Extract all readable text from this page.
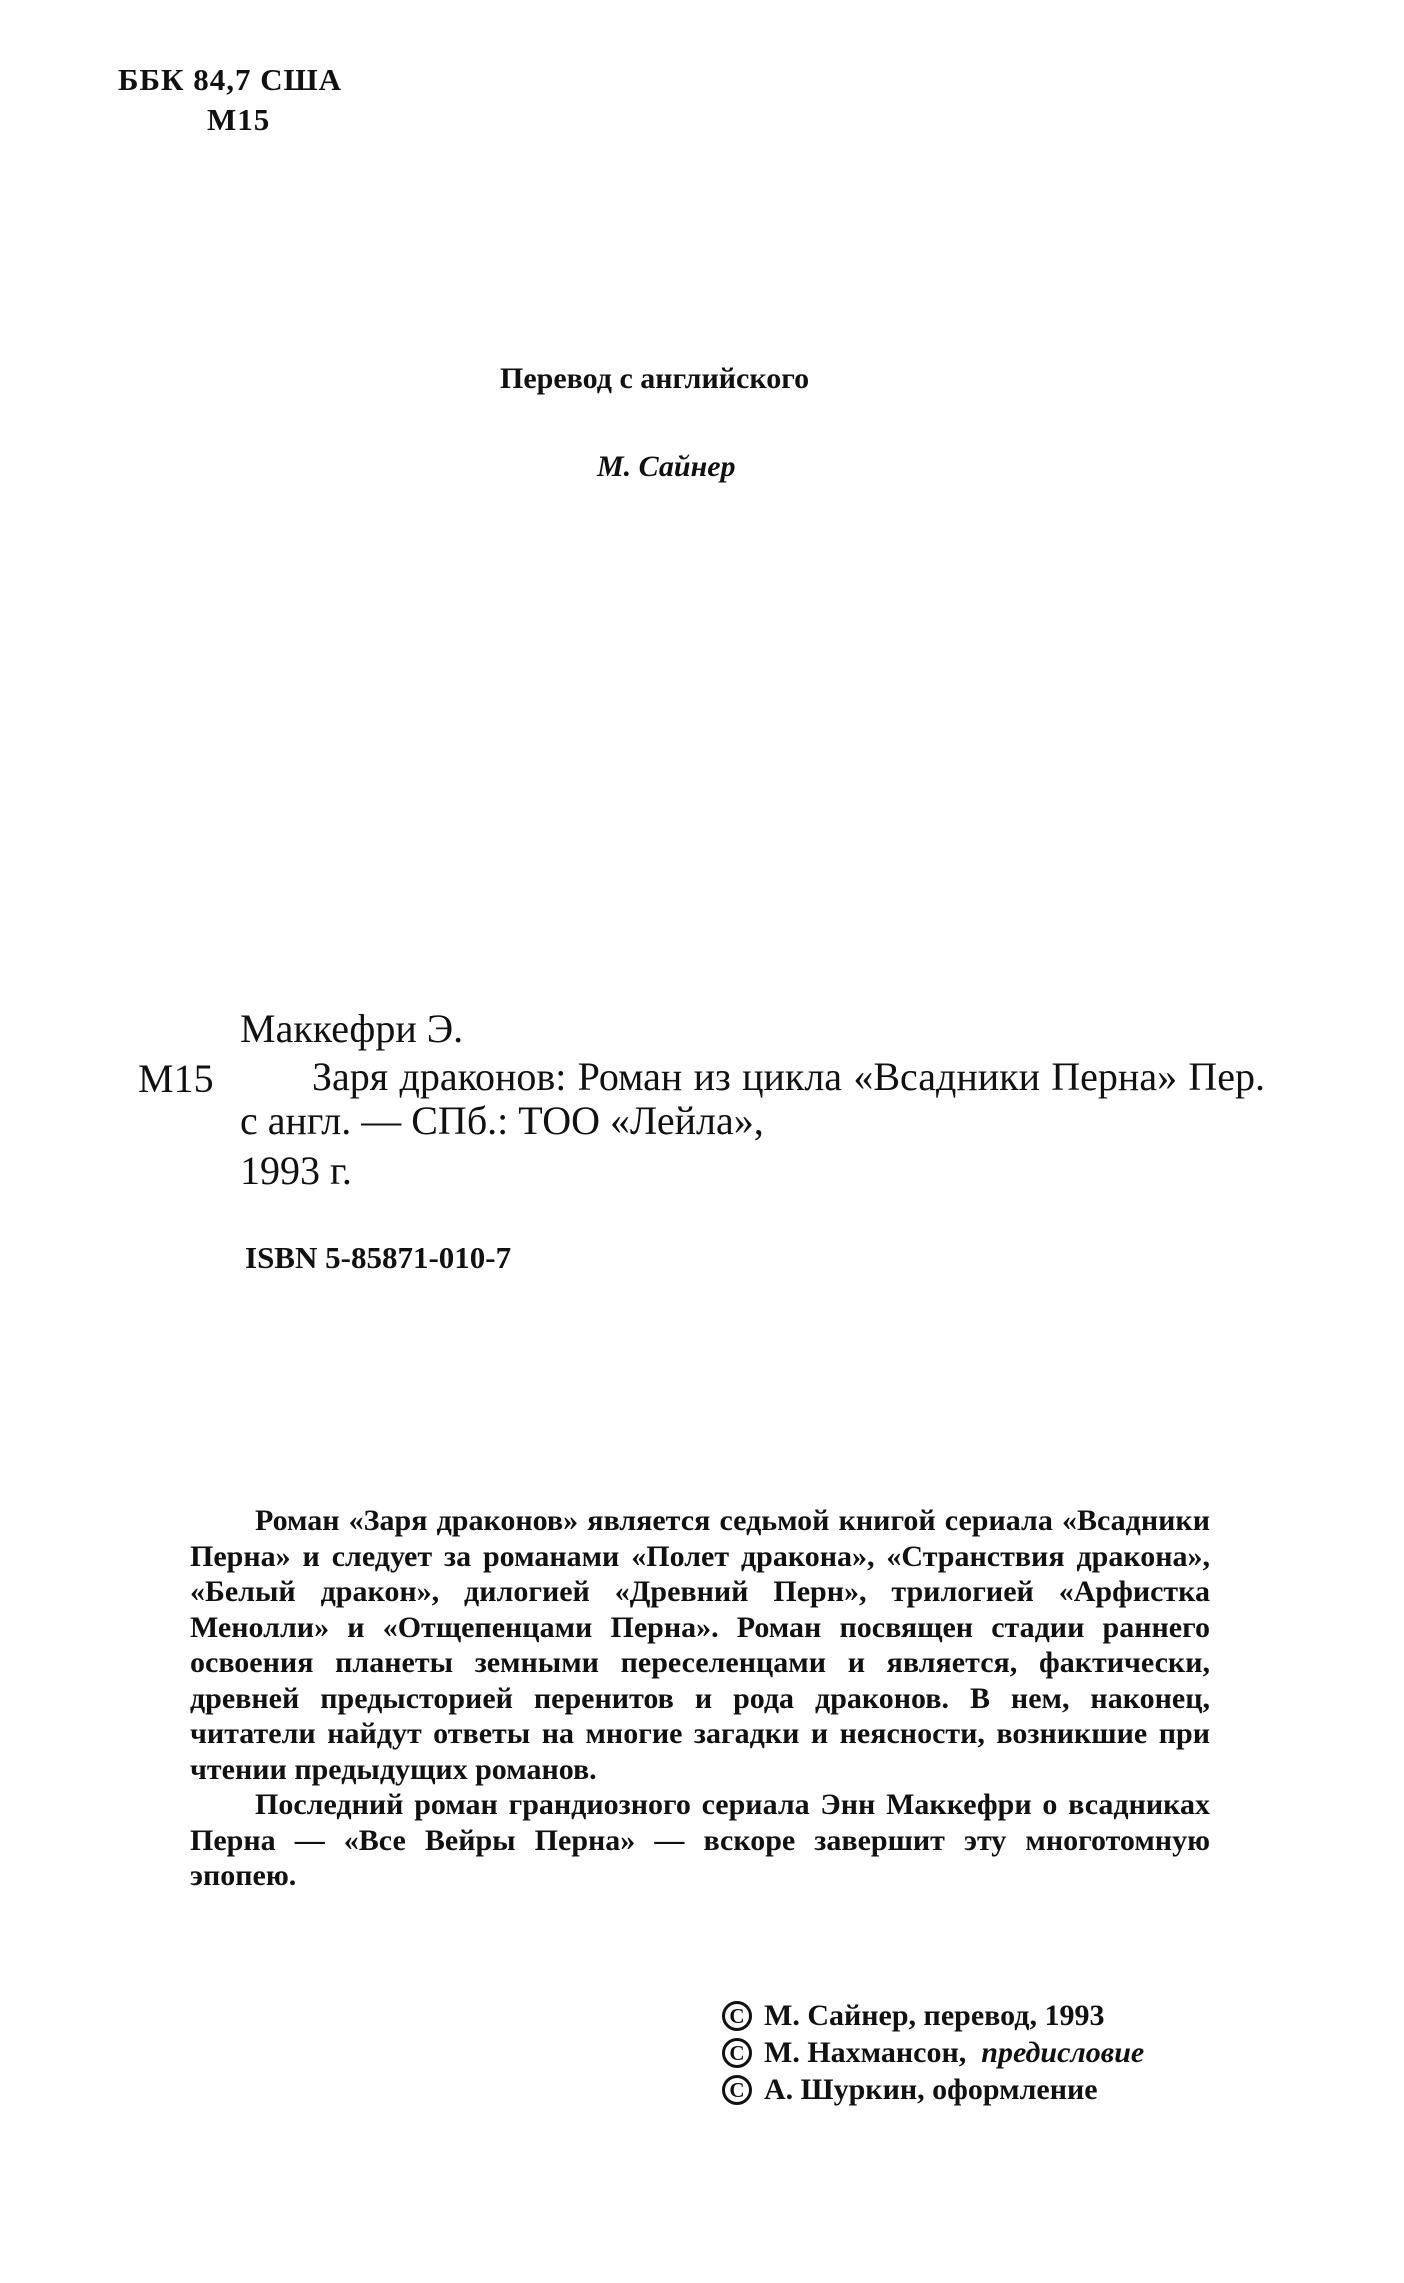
ББК 84,7 США
М15
Перевод с английского
М. Сайнер
Маккефри Э.
М15	Заря драконов: Роман из цикла «Всадники Перна» Пер. с англ. — СПб.: ТОО «Лейла»,
1993 г.
ISBN 5-85871-010-7

Роман «Заря драконов» является седьмой книгой сериала «Всадники Перна» и следует за романами «Полет дракона», «Странствия дракона», «Белый дракон», дилогией «Древний Перн», трилогией «Арфистка Менолли» и «Отщепенцами Перна». Роман посвящен стадии раннего освоения планеты земными переселенцами и является, фактически, древней предысторией перенитов и рода драконов. В нем, наконец, читатели найдут ответы на многие загадки и неясности, возникшие при чтении предыдущих романов.

Последний роман грандиозного сериала Энн Маккефри о всадниках Перна — «Все Вейры Перна» — вскоре завершит эту многотомную эпопею.

C М. Сайнер, перевод, 1993
C М. Нахмансон,
предисловие
C А. Шуркин, оформление
